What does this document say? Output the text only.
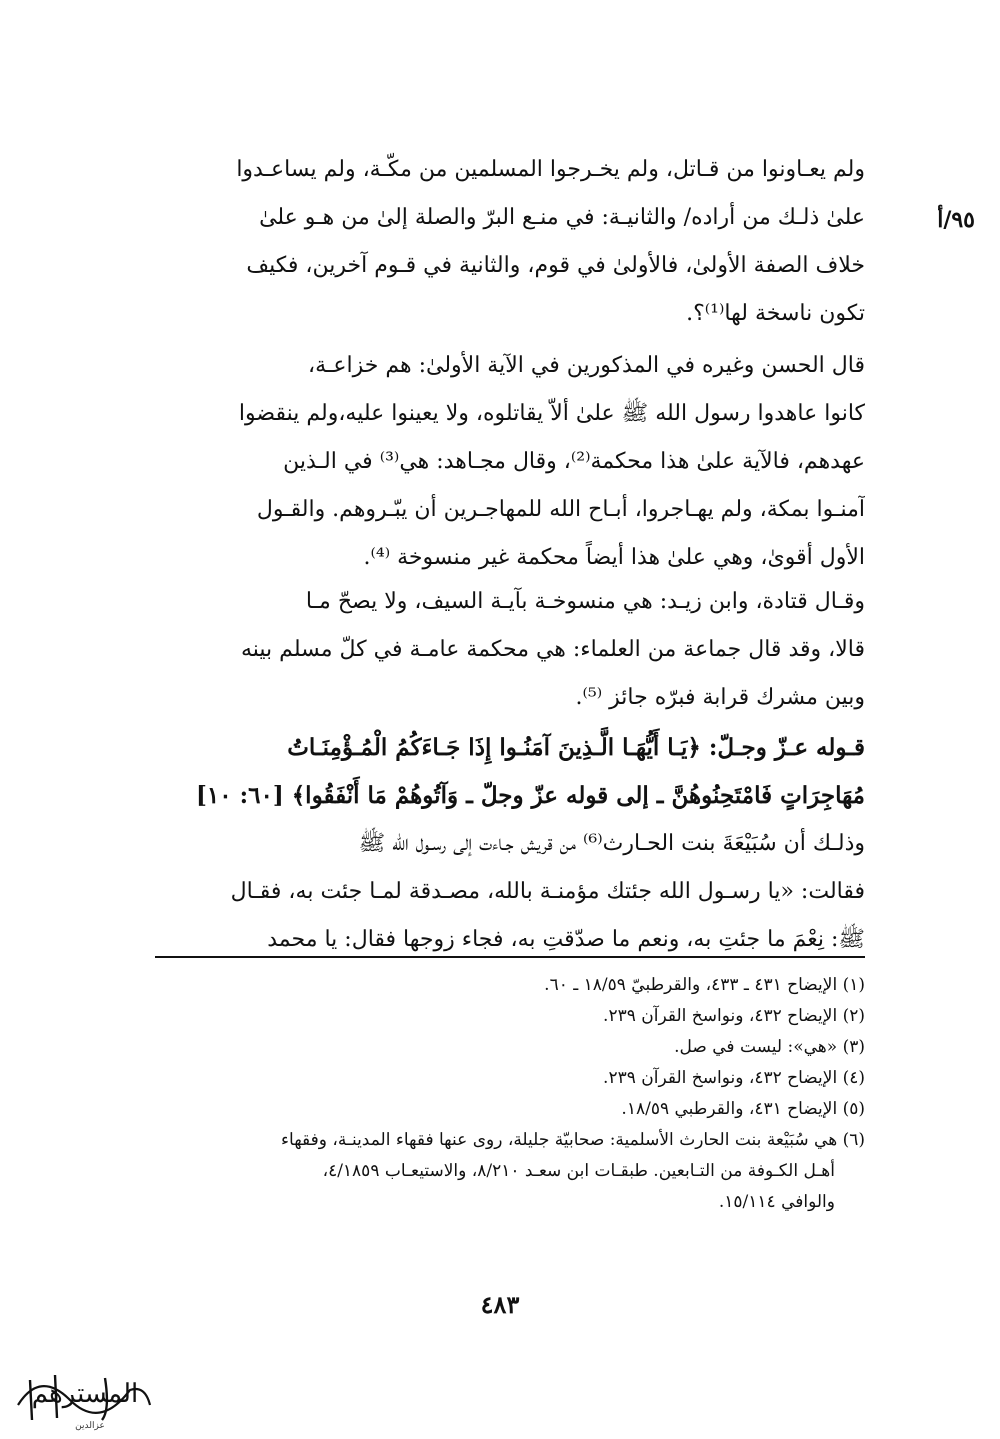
٩٥/أ
ولم يعـاونوا من قـاتل، ولم يخـرجوا المسلمين من مكّـة، ولم يساعـدوا
علىٰ ذلـك من أراده/ والثانيـة: في منـع البرّ والصلة إلىٰ من هـو علىٰ
خلاف الصفة الأولىٰ، فالأولىٰ في قوم، والثانية في قـوم آخرين، فكيف
تكون ناسخة لها⁽¹⁾؟.
قال الحسن وغيره في المذكورين في الآية الأولىٰ: هم خزاعـة،
كانوا عاهدوا رسول الله ﷺ علىٰ ألاّ يقاتلوه، ولا يعينوا عليه،ولم ينقضوا
عهدهم، فالآية علىٰ هذا محكمة⁽²⁾، وقال مجـاهد: هي⁽³⁾ في الـذين
آمنـوا بمكة، ولم يهـاجروا، أبـاح الله للمهاجـرين أن يبّـروهم. والقـول
الأول أقوىٰ، وهي علىٰ هذا أيضاً محكمة غير منسوخة ⁽⁴⁾.
وقـال قتادة، وابن زيـد: هي منسوخـة بآيـة السيف، ولا يصحّ مـا
قالا، وقد قال جماعة من العلماء: هي محكمة عامـة في كلّ مسلم بينه
وبين مشرك قرابة فبرّه جائز ⁽⁵⁾.
قـوله عـزّ وجـلّ: ﴿يَـا أَيُّهَـا الَّـذِينَ آمَنُـوا إِذَا جَـاءَكُمُ الْمُـؤْمِنَـاتُ
مُهَاجِرَاتٍ فَامْتَحِنُوهُنَّ ـ إلى قوله عزّ وجلّ ـ وَآتُوهُمْ مَا أَنْفَقُوا﴾ [٦٠: ١٠]
وذلـك أن سُبَيْعَةَ بنت الحـارث⁽⁶⁾ من قريش جـاءت إلى رسـول الله ﷺ
فقالت: «يا رسـول الله جئتك مؤمنـة بالله، مصـدقة لمـا جئت به، فقـال
ﷺ: نِعْمَ ما جئتِ به، ونعم ما صدّقتِ به، فجاء زوجها فقال: يا محمد
(١) الإيضاح ٤٣١ ـ ٤٣٣، والقرطبيّ ١٨/٥٩ ـ ٦٠.
(٢) الإيضاح ٤٣٢، ونواسخ القرآن ٢٣٩.
(٣) «هي»: ليست في صل.
(٤) الإيضاح ٤٣٢، ونواسخ القرآن ٢٣٩.
(٥) الإيضاح ٤٣١، والقرطبي ١٨/٥٩.
(٦) هي سُبَيْعة بنت الحارث الأسلمية: صحابيّة جليلة، روى عنها فقهاء المدينـة، وفقهاء
أهـل الكـوفة من التـابعين. طبقـات ابن سعـد ٨/٢١٠، والاستيعـاب ٤/١٨٥٩،
والوافي ١٥/١١٤.
٤٨٣
المسترهم
عزالدين
